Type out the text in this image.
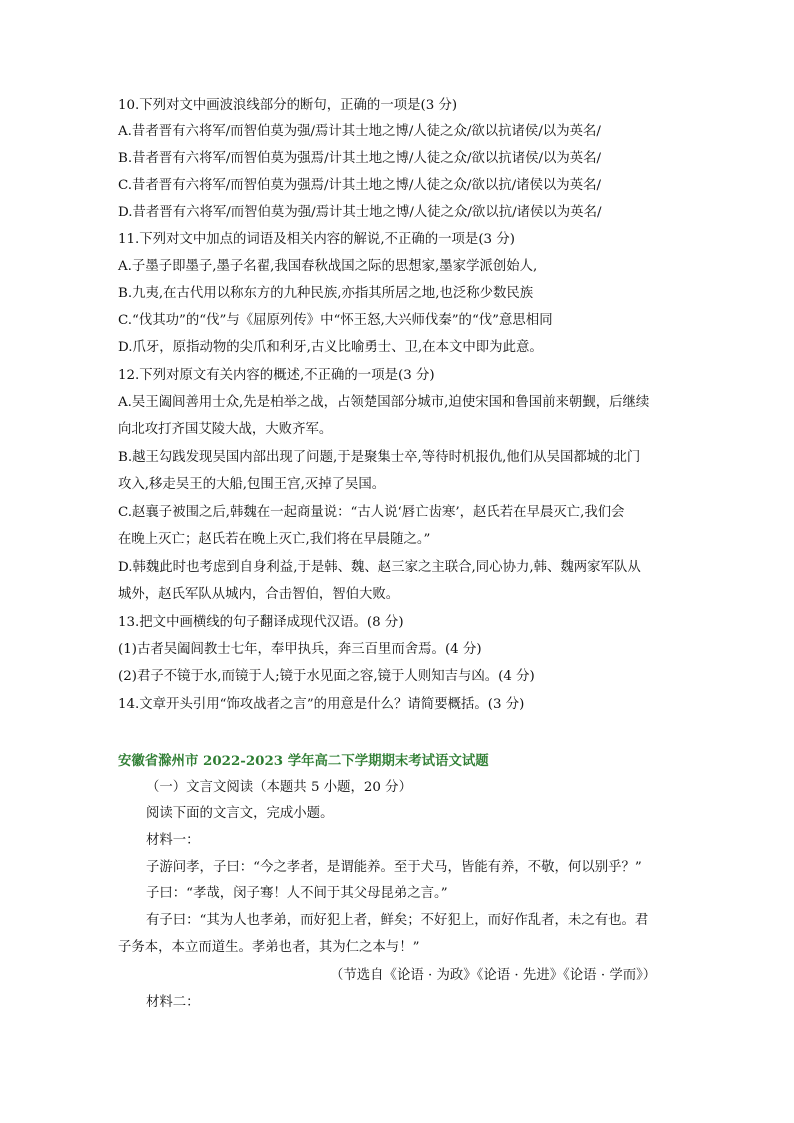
10.下列对文中画波浪线部分的断句，正确的一项是(3 分)
A.昔者晋有六将军/而智伯莫为强/焉计其士地之博/人徒之众/欲以抗诸侯/以为英名/
B.昔者晋有六将军/而智伯莫为强焉/计其土地之博/人徒之众/欲以抗诸侯/以为英名/
C.昔者晋有六将军/而智伯莫为强焉/计其土地之博/人徒之众/欲以抗/诸侯以为英名/
D.昔者晋有六将军/而智伯莫为强/焉计其士地之博/人徒之众/欲以抗/诸侯以为英名/
11.下列对文中加点的词语及相关内容的解说,不正确的一项是(3 分)
A.子墨子即墨子,墨子名翟,我国春秋战国之际的思想家,墨家学派创始人,
B.九夷,在古代用以称东方的九种民族,亦指其所居之地,也泛称少数民族
C.“伐其功”的“伐”与《屈原列传》中“怀王怒,大兴师伐秦”的“伐”意思相同
D.爪牙，原指动物的尖爪和利牙,古义比喻勇士、卫,在本文中即为此意。
12.下列对原文有关内容的概述,不正确的一项是(3 分)
A.吴王阖闾善用士众,先是柏举之战，占领楚国部分城市,迫使宋国和鲁国前来朝觐，后继续
向北攻打齐国艾陵大战，大败齐军。
B.越王勾践发现吴国内部出现了问题,于是聚集士卒,等待时机报仇,他们从吴国都城的北门
攻入,移走吴王的大船,包围王宫,灭掉了吴国。
C.赵襄子被围之后,韩魏在一起商量说：“古人说‘唇亡齿寒’，赵氏若在早晨灭亡,我们会
在晚上灭亡；赵氏若在晚上灭亡,我们将在早晨随之。”
D.韩魏此时也考虑到自身利益,于是韩、魏、赵三家之主联合,同心协力,韩、魏两家军队从
城外，赵氏军队从城内，合击智伯，智伯大败。
13.把文中画横线的句子翻译成现代汉语。(8 分)
(1)古者吴阖闾教士七年，奉甲执兵，奔三百里而舍焉。(4 分)
(2)君子不镜于水,而镜于人;镜于水见面之容,镜于人则知吉与凶。(4 分)
14.文章开头引用“饰攻战者之言”的用意是什么？请简要概括。(3 分)
安徽省滁州市 2022-2023 学年高二下学期期末考试语文试题
（一）文言文阅读（本题共 5 小题，20 分）
阅读下面的文言文，完成小题。
材料一：
子游问孝，子曰：“今之孝者，是谓能养。至于犬马，皆能有养，不敬，何以别乎？”
子曰：“孝哉，闵子骞！人不间于其父母昆弟之言。”
有子曰：“其为人也孝弟，而好犯上者，鲜矣；不好犯上，而好作乱者，未之有也。君
子务本，本立而道生。孝弟也者，其为仁之本与！”
（节选自《论语 · 为政》《论语 · 先进》《论语 · 学而》）
材料二：
